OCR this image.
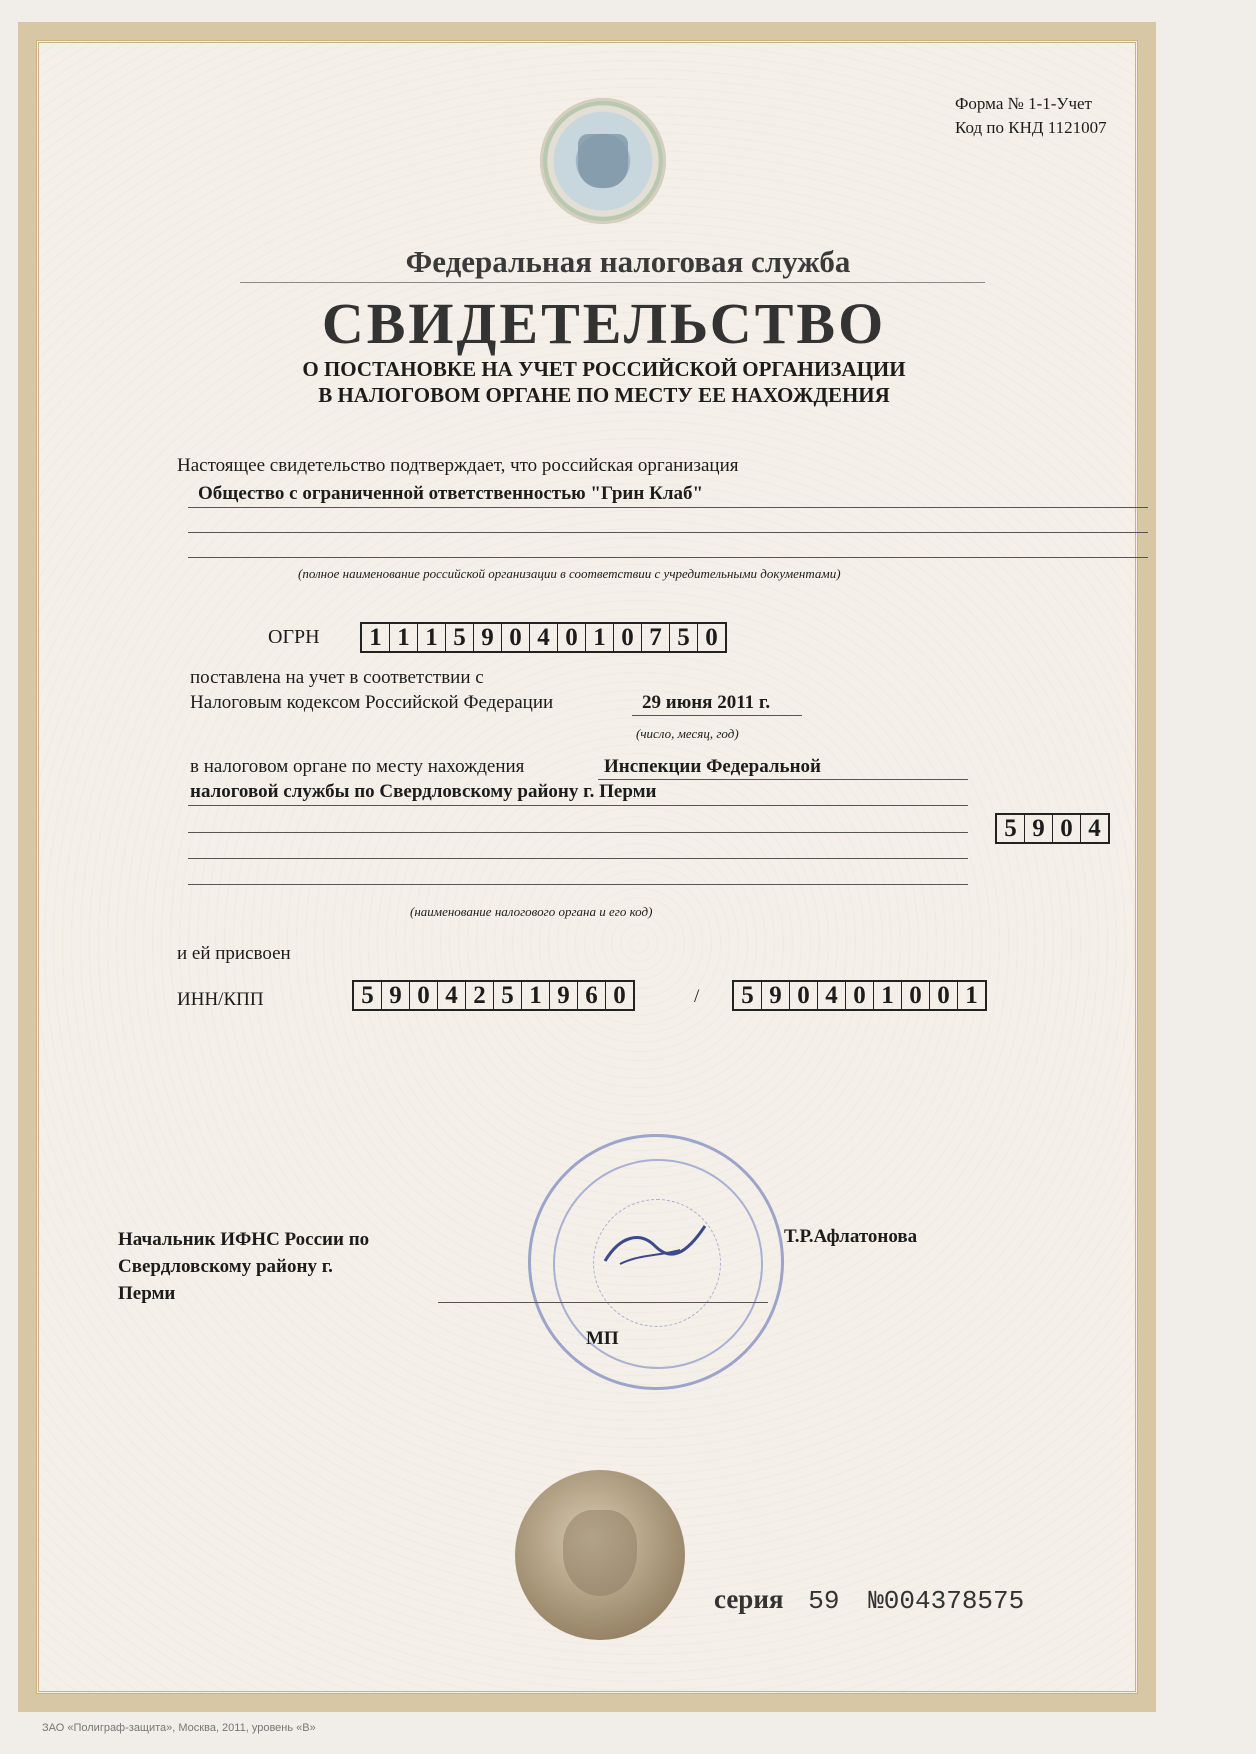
Форма № 1-1-Учет
Код по КНД 1121007
Федеральная налоговая служба
СВИДЕТЕЛЬСТВО
О ПОСТАНОВКЕ НА УЧЕТ РОССИЙСКОЙ ОРГАНИЗАЦИИ
В НАЛОГОВОМ ОРГАНЕ ПО МЕСТУ ЕЕ НАХОЖДЕНИЯ
Настоящее свидетельство подтверждает, что российская организация
Общество с ограниченной ответственностью "Грин Клаб"
(полное наименование российской организации в соответствии с учредительными документами)
ОГРН 1 1 1 5 9 0 4 0 1 0 7 5 0
поставлена на учет в соответствии с
Налоговым кодексом Российской Федерации	29 июня 2011 г.
(число, месяц, год)
в налоговом органе по месту нахождения	Инспекции Федеральной
налоговой службы по Свердловскому району г. Перми
5 9 0 4
(наименование налогового органа и его код)
и ей присвоен
ИНН/КПП	5 9 0 4 2 5 1 9 6 0	/ 5 9 0 4 0 1 0 0 1
Начальник ИФНС России по
Свердловскому району г.
Перми
Т.Р.Афлатонова
МП
серия 59 №004378575
ЗАО «Полиграф-защита», Москва, 2011, уровень «В»
